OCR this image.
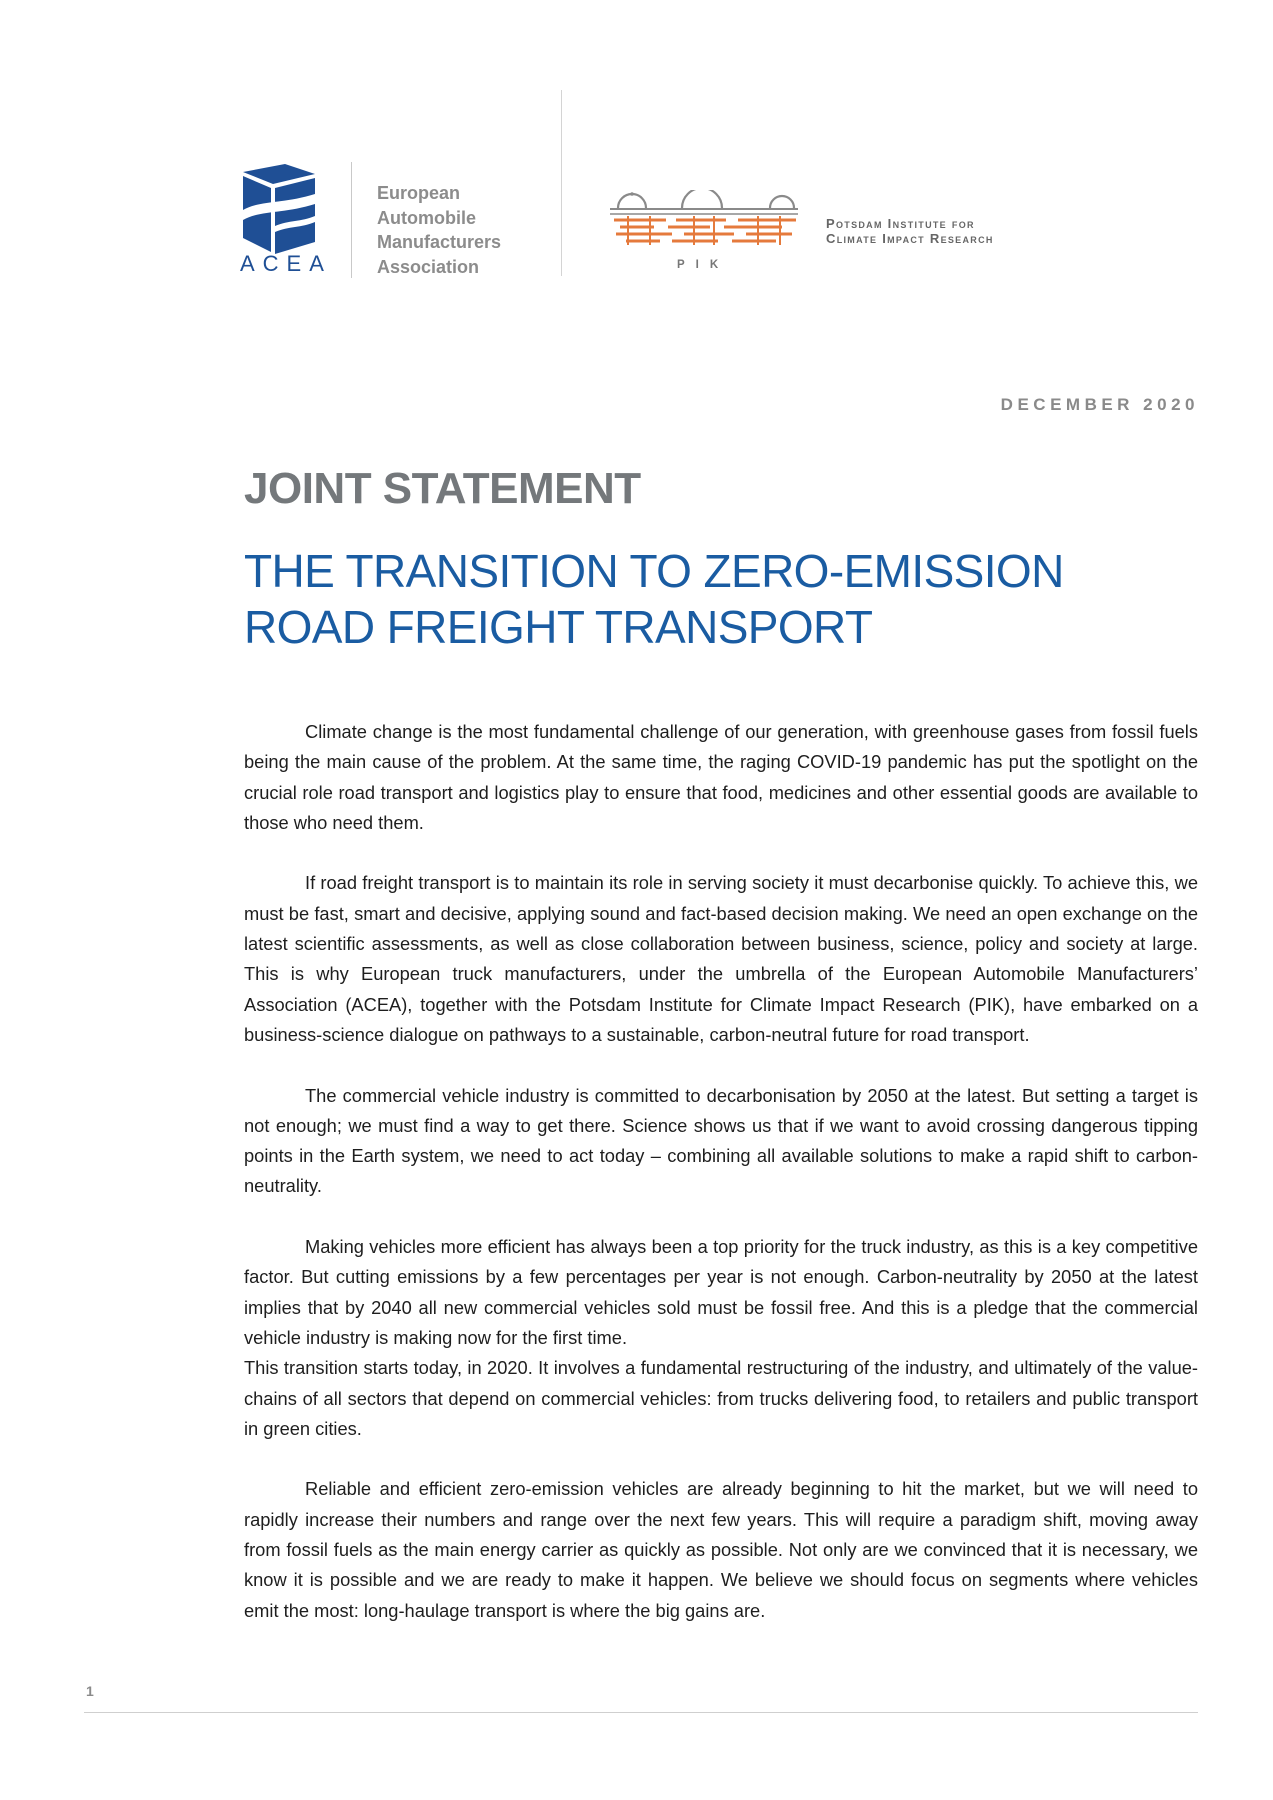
ACEA
European
Automobile
Manufacturers
Association	PIK
Potsdam Institute for
Climate Impact Research
DECEMBER 2020
JOINT STATEMENT
THE TRANSITION TO ZERO-EMISSION
ROAD FREIGHT TRANSPORT

Climate change is the most fundamental challenge of our generation, with greenhouse gases from fossil fuels being the main cause of the problem. At the same time, the raging COVID-19 pandemic has put the spotlight on the crucial role road transport and logistics play to ensure that food, medicines and other essential goods are available to those who need them.

If road freight transport is to maintain its role in serving society it must decarbonise quickly. To achieve this, we must be fast, smart and decisive, applying sound and fact-based decision making. We need an open exchange on the latest scientific assessments, as well as close collaboration between business, science, policy and society at large. This is why European truck manufacturers, under the umbrella of the European Automobile Manufacturers’ Association (ACEA), together with the Potsdam Institute for Climate Impact Research (PIK), have embarked on a business-science dialogue on pathways to a sustainable, carbon-neutral future for road transport.

The commercial vehicle industry is committed to decarbonisation by 2050 at the latest. But setting a target is not enough; we must find a way to get there. Science shows us that if we want to avoid crossing dangerous tipping points in the Earth system, we need to act today – combining all available solutions to make a rapid shift to carbon-neutrality.

Making vehicles more efficient has always been a top priority for the truck industry, as this is a key competitive factor. But cutting emissions by a few percentages per year is not enough. Carbon-neutrality by 2050 at the latest implies that by 2040 all new commercial vehicles sold must be fossil free. And this is a pledge that the commercial vehicle industry is making now for the first time.

This transition starts today, in 2020. It involves a fundamental restructuring of the industry, and ultimately of the value-chains of all sectors that depend on commercial vehicles: from trucks delivering food, to retailers and public transport in green cities.

Reliable and efficient zero-emission vehicles are already beginning to hit the market, but we will need to rapidly increase their numbers and range over the next few years. This will require a paradigm shift, moving away from fossil fuels as the main energy carrier as quickly as possible. Not only are we convinced that it is necessary, we know it is possible and we are ready to make it happen. We believe we should focus on segments where vehicles emit the most: long-haulage transport is where the big gains are.

1
